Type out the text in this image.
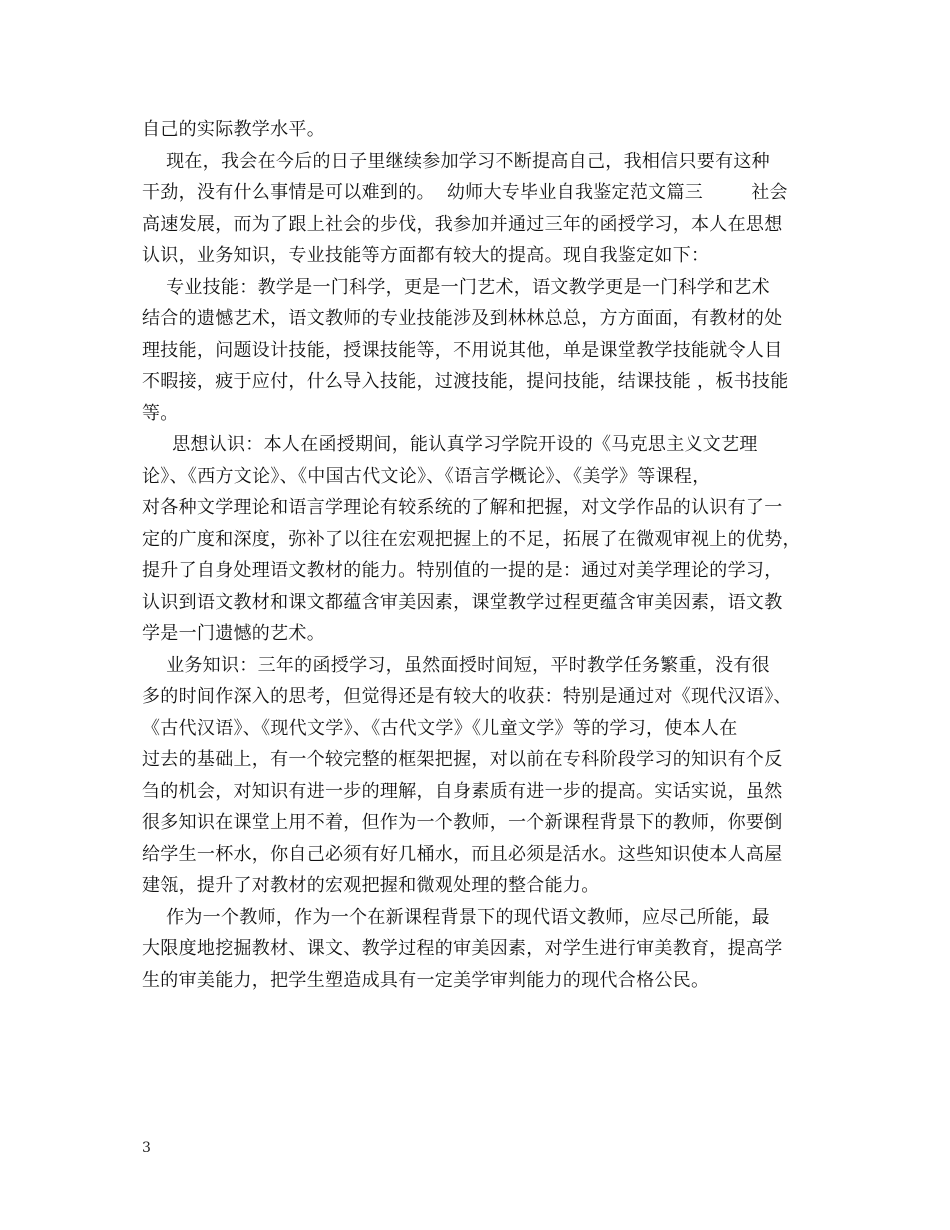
自己的实际教学水平。
现在，我会在今后的日子里继续参加学习不断提高自己，我相信只要有这种
干劲，没有什么事情是可以难到的。  幼师大专毕业自我鉴定范文篇三        社会
高速发展，而为了跟上社会的步伐，我参加并通过三年的函授学习，本人在思想
认识，业务知识，专业技能等方面都有较大的提高。现自我鉴定如下：
专业技能：教学是一门科学，更是一门艺术，语文教学更是一门科学和艺术
结合的遗憾艺术，语文教师的专业技能涉及到林林总总，方方面面，有教材的处
理技能，问题设计技能，授课技能等，不用说其他，单是课堂教学技能就令人目
不暇接，疲于应付，什么导入技能，过渡技能，提问技能，结课技能 ，板书技能
等。
思想认识：本人在函授期间，能认真学习学院开设的《马克思主义文艺理
论》、《西方文论》、《中国古代文论》、《语言学概论》、《美学》等课程，
对各种文学理论和语言学理论有较系统的了解和把握，对文学作品的认识有了一
定的广度和深度，弥补了以往在宏观把握上的不足，拓展了在微观审视上的优势，
提升了自身处理语文教材的能力。特别值的一提的是：通过对美学理论的学习，
认识到语文教材和课文都蕴含审美因素，课堂教学过程更蕴含审美因素，语文教
学是一门遗憾的艺术。
业务知识：三年的函授学习，虽然面授时间短，平时教学任务繁重，没有很
多的时间作深入的思考，但觉得还是有较大的收获：特别是通过对《现代汉语》、
《古代汉语》、《现代文学》、《古代文学》《儿童文学》等的学习，使本人在
过去的基础上，有一个较完整的框架把握，对以前在专科阶段学习的知识有个反
刍的机会，对知识有进一步的理解，自身素质有进一步的提高。实话实说，虽然
很多知识在课堂上用不着，但作为一个教师，一个新课程背景下的教师，你要倒
给学生一杯水，你自己必须有好几桶水，而且必须是活水。这些知识使本人高屋
建瓴，提升了对教材的宏观把握和微观处理的整合能力。
作为一个教师，作为一个在新课程背景下的现代语文教师，应尽己所能，最
大限度地挖掘教材、课文、教学过程的审美因素，对学生进行审美教育，提高学
生的审美能力，把学生塑造成具有一定美学审判能力的现代合格公民。
3
